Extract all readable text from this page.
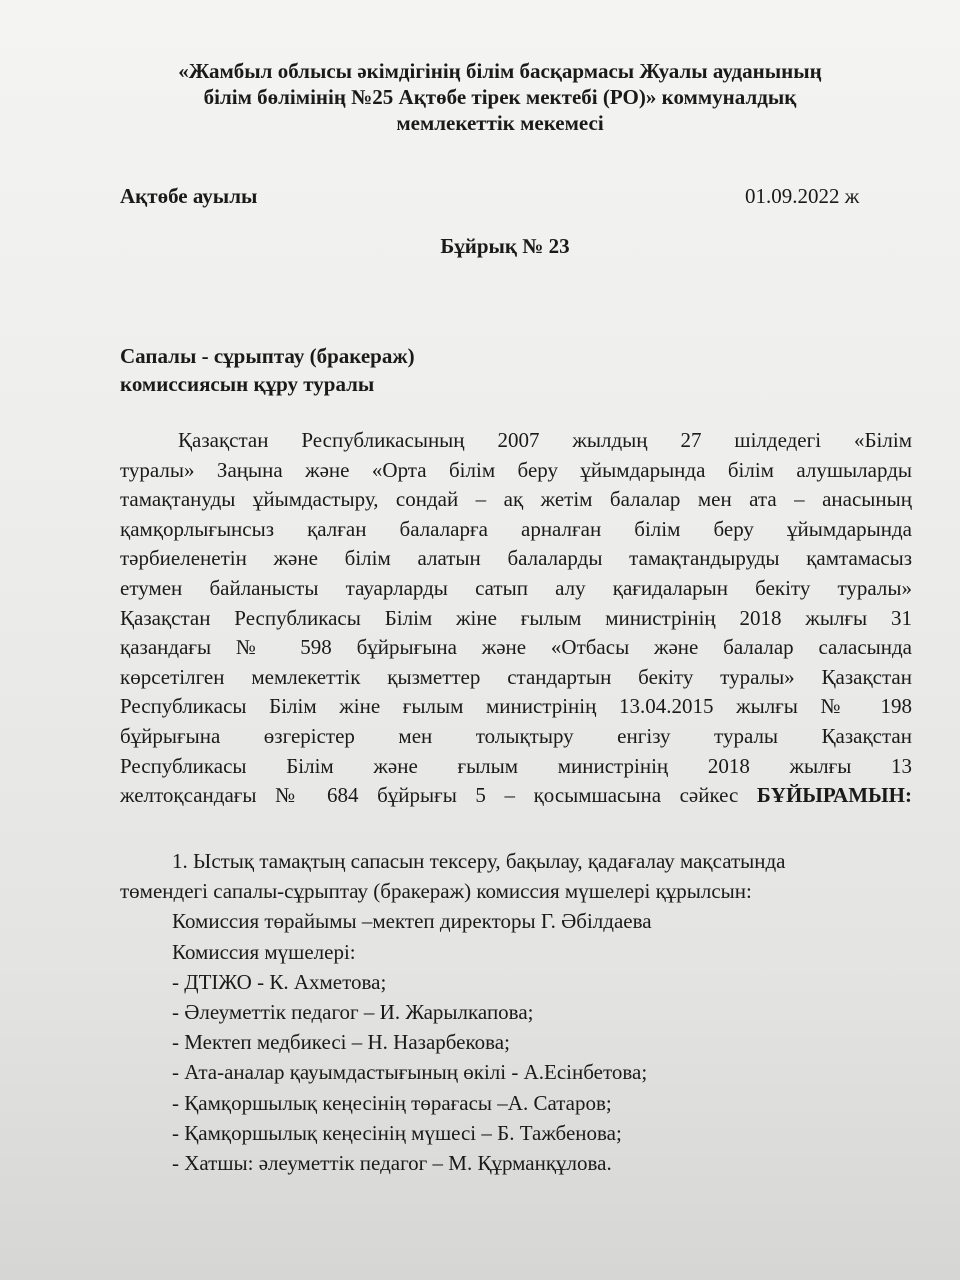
«Жамбыл облысы әкімдігінің білім басқармасы Жуалы ауданының
білім бөлімінің №25 Ақтөбе тірек мектебі (РО)» коммуналдық
мемлекеттік мекемесі
Ақтөбе ауылы	01.09.2022 ж
Бұйрық № 23
Сапалы - сұрыптау (бракераж)
комиссиясын құру туралы
Қазақстан Республикасының 2007 жылдың 27 шілдедегі «Білім
туралы» Заңына және «Орта білім беру ұйымдарында білім алушыларды
тамақтануды ұйымдастыру, сондай – ақ жетім балалар мен ата – анасының
қамқорлығынсыз қалған балаларға арналған білім беру ұйымдарында
тәрбиеленетін және білім алатын балаларды тамақтандыруды қамтамасыз
етумен байланысты тауарларды сатып алу қағидаларын бекіту туралы»
Қазақстан Республикасы Білім жіне ғылым министрінің 2018 жылғы 31
қазандағы № 598 бұйрығына және «Отбасы және балалар саласында
көрсетілген мемлекеттік қызметтер стандартын бекіту туралы» Қазақстан
Республикасы Білім жіне ғылым министрінің 13.04.2015 жылғы № 198
бұйрығына өзгерістер мен толықтыру енгізу туралы Қазақстан
Республикасы Білім және ғылым министрінің 2018 жылғы 13
желтоқсандағы № 684 бұйрығы 5 – қосымшасына сәйкес БҰЙЫРАМЫН:
1. Ыстық тамақтың сапасын тексеру, бақылау, қадағалау мақсатында
төмендегі сапалы-сұрыптау (бракераж) комиссия мүшелері құрылсын:
Комиссия төрайымы –мектеп директоры Г. Әбілдаева
Комиссия мүшелері:
- ДТІЖО - К. Ахметова;
- Әлеуметтік педагог – И. Жарылкапова;
- Мектеп медбикесі – Н. Назарбекова;
- Ата-аналар қауымдастығының өкілі - А.Есінбетова;
- Қамқоршылық кеңесінің төрағасы –А. Сатаров;
- Қамқоршылық кеңесінің мүшесі – Б. Тажбенова;
- Хатшы: әлеуметтік педагог – М. Құрманқұлова.
